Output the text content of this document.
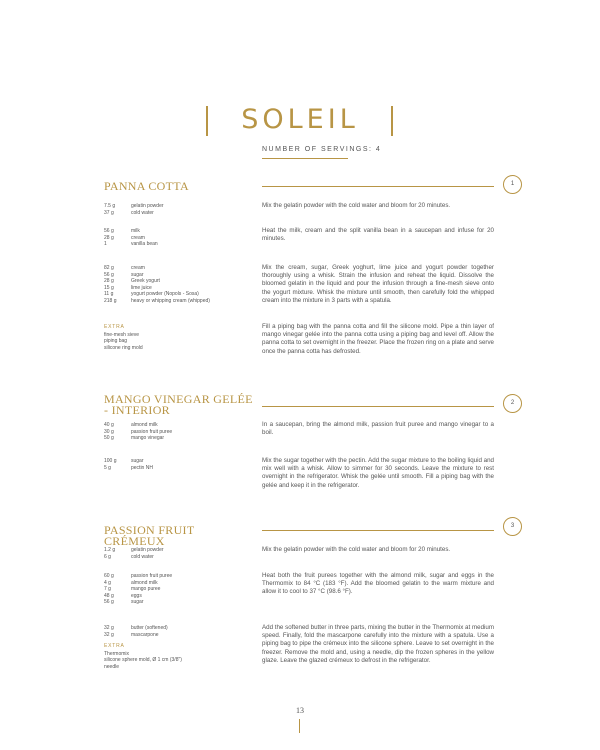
SOLEIL
NUMBER OF SERVINGS: 4
PANNA COTTA	1
7.5 g	gelatin powder
37 g	cold water
Mix the gelatin powder with the cold water and bloom for 20 minutes.
56 g	milk
28 g	cream
1	vanilla bean
Heat the milk, cream and the split vanilla bean in a saucepan and infuse for 20 minutes.
82 g	cream
56 g	sugar
28 g	Greek yogurt
15 g	lime juice
11 g	yogurt powder (Nopols - Sosa)
218 g	heavy or whipping cream (whipped)
Mix the cream, sugar, Greek yoghurt, lime juice and yogurt powder together thoroughly using a whisk. Strain the infusion and reheat the liquid. Dissolve the bloomed gelatin in the liquid and pour the infusion through a fine-mesh sieve onto the yogurt mixture. Whisk the mixture until smooth, then carefully fold the whipped cream into the mixture in 3 parts with a spatula.
EXTRA
fine-mesh sieve
piping bag
silicone ring mold
Fill a piping bag with the panna cotta and fill the silicone mold. Pipe a thin layer of mango vinegar gelée into the panna cotta using a piping bag and level off. Allow the panna cotta to set overnight in the freezer. Place the frozen ring on a plate and serve once the panna cotta has defrosted.
MANGO VINEGAR GELÉE - INTERIOR	2
40 g	almond milk
30 g	passion fruit puree
50 g	mango vinegar
In a saucepan, bring the almond milk, passion fruit puree and mango vinegar to a boil.
100 g	sugar
5 g	pectin NH
Mix the sugar together with the pectin. Add the sugar mixture to the boiling liquid and mix well with a whisk. Allow to simmer for 30 seconds. Leave the mixture to rest overnight in the refrigerator. Whisk the gelée until smooth. Fill a piping bag with the gelée and keep it in the refrigerator.
PASSION FRUIT CRÉMEUX
3
1.2 g	gelatin powder
6 g	cold water
Mix the gelatin powder with the cold water and bloom for 20 minutes.
60 g	passion fruit puree
4 g	almond milk
7 g	mango puree
48 g	eggs
56 g	sugar
Heat both the fruit purees together with the almond milk, sugar and eggs in the Thermomix to 84 °C (183 °F). Add the bloomed gelatin to the warm mixture and allow it to cool to 37 °C (98.6 °F).
32 g	butter (softened)
32 g	mascarpone
EXTRA
Thermomix
silicone sphere mold, Ø 1 cm (3/8")
needle
Add the softened butter in three parts, mixing the butter in the Thermomix at medium speed. Finally, fold the mascarpone carefully into the mixture with a spatula. Use a piping bag to pipe the crémeux into the silicone sphere. Leave to set overnight in the freezer. Remove the mold and, using a needle, dip the frozen spheres in the yellow glaze. Leave the glazed crémeux to defrost in the refrigerator.
13
